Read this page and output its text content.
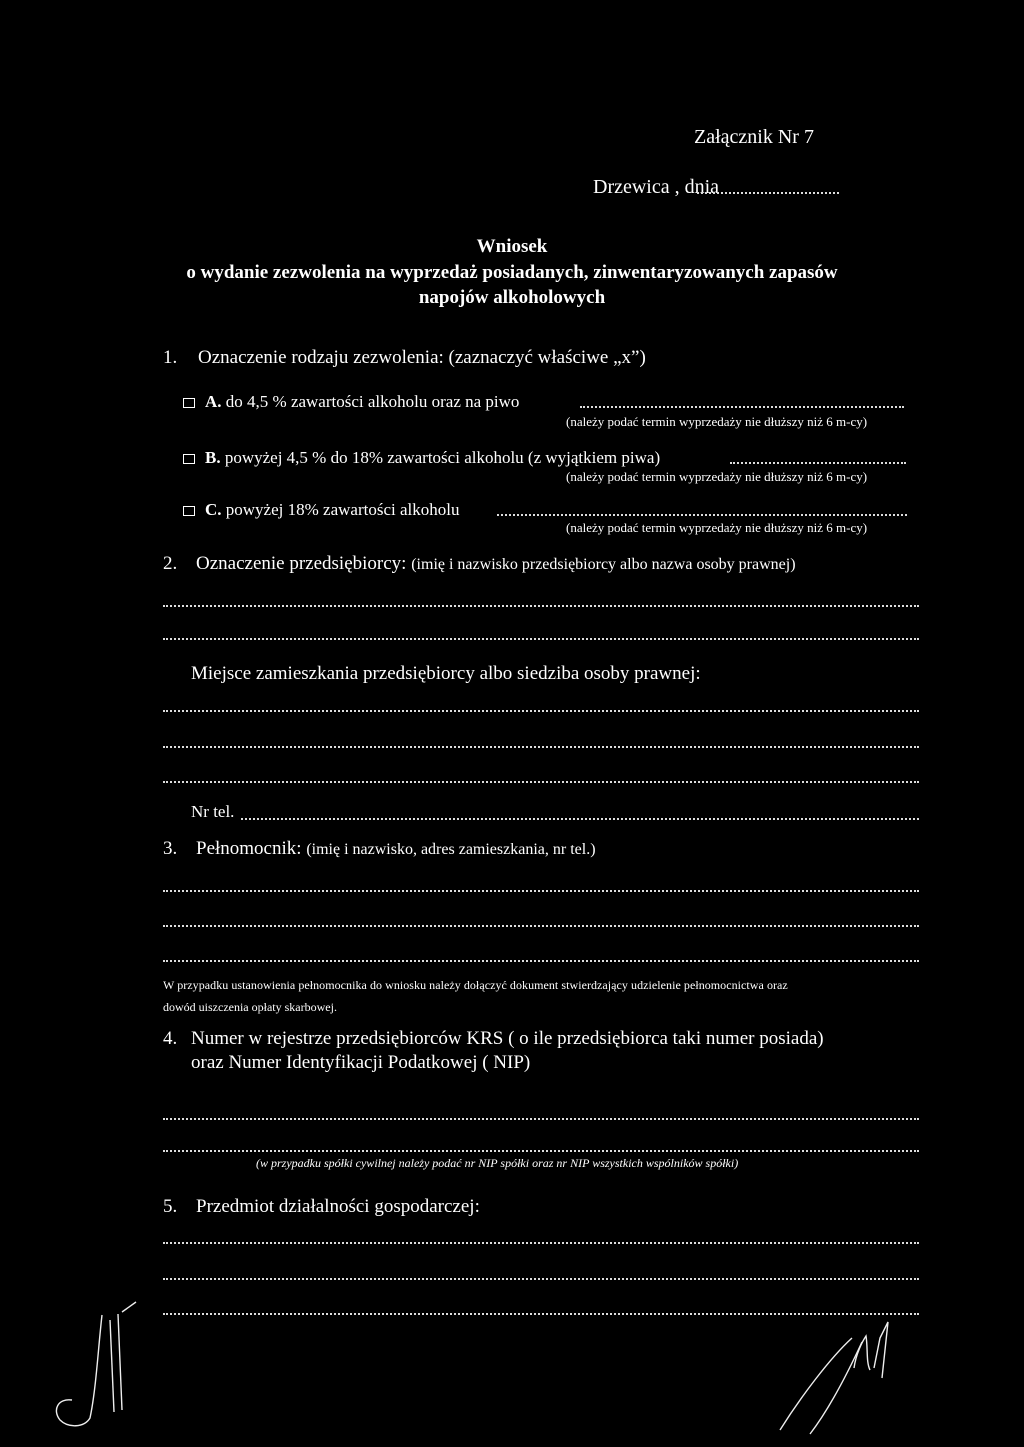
Załącznik Nr 7
Drzewica , dnia
Wniosek
o wydanie zezwolenia na wyprzedaż posiadanych, zinwentaryzowanych zapasów
napojów alkoholowych
1. Oznaczenie rodzaju zezwolenia: (zaznaczyć właściwe „x”)
A. do 4,5 % zawartości alkoholu oraz na piwo
(należy podać termin wyprzedaży nie dłuższy niż 6 m-cy)
B. powyżej 4,5 % do 18% zawartości alkoholu (z wyjątkiem piwa)
(należy podać termin wyprzedaży nie dłuższy niż 6 m-cy)
C. powyżej 18% zawartości alkoholu
(należy podać termin wyprzedaży nie dłuższy niż 6 m-cy)
2. Oznaczenie przedsiębiorcy: (imię i nazwisko przedsiębiorcy albo nazwa osoby prawnej)
Miejsce zamieszkania przedsiębiorcy albo siedziba osoby prawnej:
Nr tel.
3. Pełnomocnik: (imię i nazwisko, adres zamieszkania, nr tel.)
W przypadku ustanowienia pełnomocnika do wniosku należy dołączyć dokument stwierdzający udzielenie pełnomocnictwa oraz
dowód uiszczenia opłaty skarbowej.
4. Numer w rejestrze przedsiębiorców KRS ( o ile przedsiębiorca taki numer posiada)
oraz Numer Identyfikacji Podatkowej ( NIP)
(w przypadku spółki cywilnej należy podać nr NIP spółki oraz nr NIP wszystkich wspólników spółki)
5. Przedmiot działalności gospodarczej:
